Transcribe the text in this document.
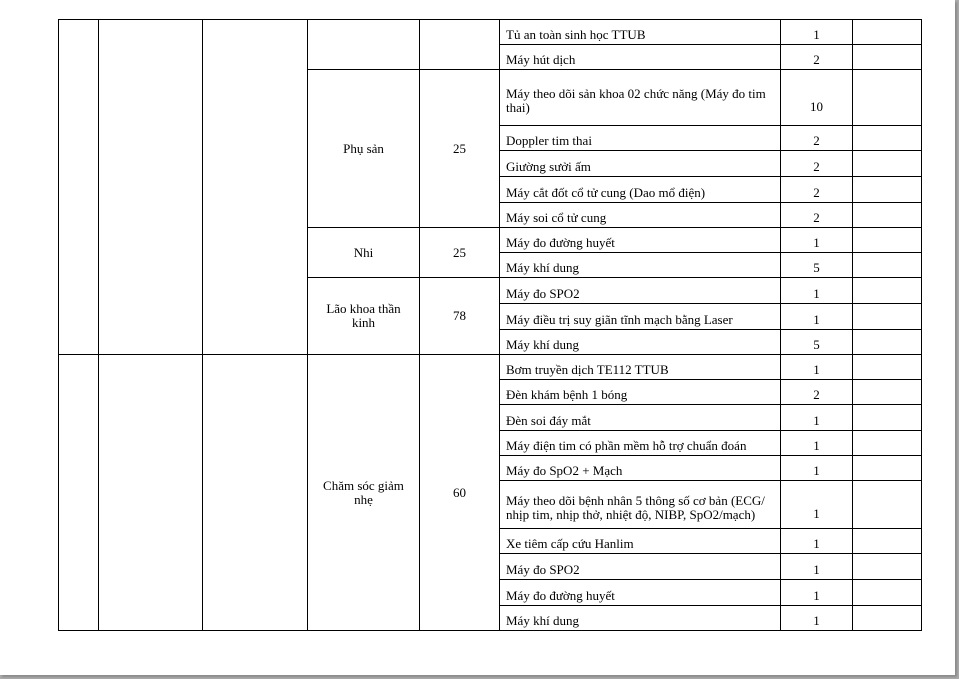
					Tủ an toàn sinh học TTUB	1	
					Máy hút dịch	2	
			Phụ sản	25	Máy theo dõi sản khoa 02 chức năng (Máy đo tim thai)	10	
					Doppler tim thai	2	
					Giường sưởi ấm	2	
					Máy cắt đốt cổ tử cung (Dao mổ điện)	2	
					Máy soi cổ tử cung	2	
			Nhi	25	Máy đo đường huyết	1	
					Máy khí dung	5	
			Lão khoa thần kinh	78	Máy đo SPO2	1	
					Máy điều trị suy giãn tĩnh mạch bằng Laser	1	
					Máy khí dung	5	
			Chăm sóc giảm nhẹ	60	Bơm truyền dịch TE112 TTUB	1	
					Đèn khám bệnh 1 bóng	2	
					Đèn soi đáy mắt	1	
					Máy điện tim có phần mềm hỗ trợ chuẩn đoán	1	
					Máy đo SpO2 + Mạch	1	
					Máy theo dõi bệnh nhân 5 thông số cơ bản (ECG/ nhịp tim, nhịp thở, nhiệt độ, NIBP, SpO2/mạch)	1	
					Xe tiêm cấp cứu Hanlim	1	
					Máy đo SPO2	1	
					Máy đo đường huyết	1	
					Máy khí dung	1	
